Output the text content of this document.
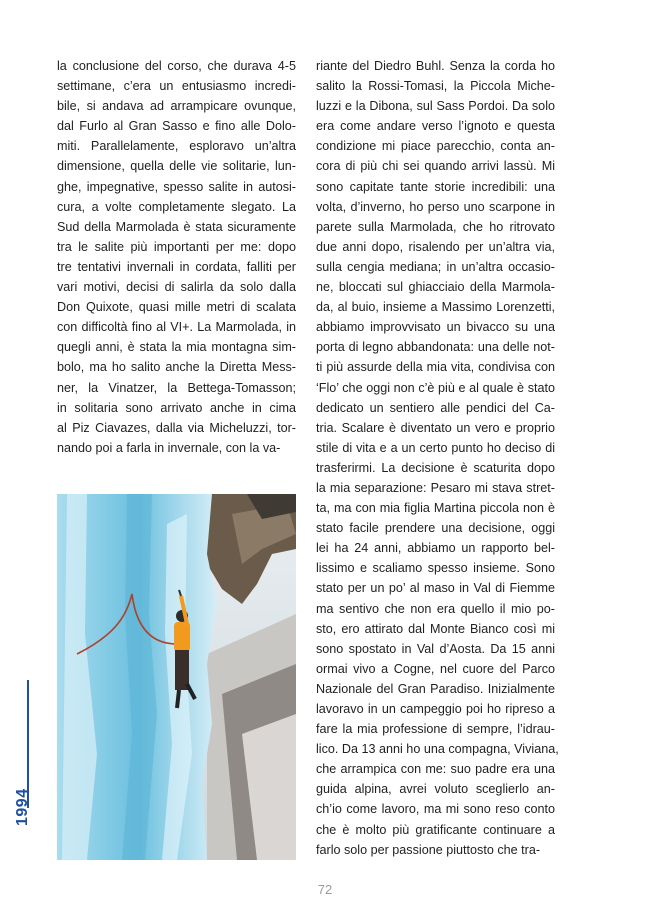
la conclusione del corso, che durava 4-5
settimane, c’era un entusiasmo incredi-
bile, si andava ad arrampicare ovunque,
dal Furlo al Gran Sasso e fino alle Dolo-
miti. Parallelamente, esploravo un’altra
dimensione, quella delle vie solitarie, lun-
ghe, impegnative, spesso salite in autosi-
cura, a volte completamente slegato. La
Sud della Marmolada è stata sicuramente
tra le salite più importanti per me: dopo
tre tentativi invernali in cordata, falliti per
vari motivi, decisi di salirla da solo dalla
Don Quixote, quasi mille metri di scalata
con difficoltà fino al VI+. La Marmolada, in
quegli anni, è stata la mia montagna sim-
bolo, ma ho salito anche la Diretta Mess-
ner, la Vinatzer, la Bettega-Tomasson;
in solitaria sono arrivato anche in cima
al Piz Ciavazes, dalla via Micheluzzi, tor-
nando poi a farla in invernale, con la va-
riante del Diedro Buhl. Senza la corda ho
salito la Rossi-Tomasi, la Piccola Miche-
luzzi e la Dibona, sul Sass Pordoi. Da solo
era come andare verso l’ignoto e questa
condizione mi piace parecchio, conta an-
cora di più chi sei quando arrivi lassù. Mi
sono capitate tante storie incredibili: una
volta, d’inverno, ho perso uno scarpone in
parete sulla Marmolada, che ho ritrovato
due anni dopo, risalendo per un’altra via,
sulla cengia mediana; in un’altra occasio-
ne, bloccati sul ghiacciaio della Marmola-
da, al buio, insieme a Massimo Lorenzetti,
abbiamo improvvisato un bivacco su una
porta di legno abbandonata: una delle not-
ti più assurde della mia vita, condivisa con
‘Flo’ che oggi non c’è più e al quale è stato
dedicato un sentiero alle pendici del Ca-
tria. Scalare è diventato un vero e proprio
stile di vita e a un certo punto ho deciso di
trasferirmi. La decisione è scaturita dopo
la mia separazione: Pesaro mi stava stret-
ta, ma con mia figlia Martina piccola non è
stato facile prendere una decisione, oggi
lei ha 24 anni, abbiamo un rapporto bel-
lissimo e scaliamo spesso insieme. Sono
stato per un po’ al maso in Val di Fiemme
ma sentivo che non era quello il mio po-
sto, ero attirato dal Monte Bianco così mi
sono spostato in Val d’Aosta. Da 15 anni
ormai vivo a Cogne, nel cuore del Parco
Nazionale del Gran Paradiso. Inizialmente
lavoravo in un campeggio poi ho ripreso a
fare la mia professione di sempre, l’idrau-
lico. Da 13 anni ho una compagna, Viviana,
che arrampica con me: suo padre era una
guida alpina, avrei voluto sceglierlo an-
ch’io come lavoro, ma mi sono reso conto
che è molto più gratificante continuare a
farlo solo per passione piuttosto che tra-
1994
72
